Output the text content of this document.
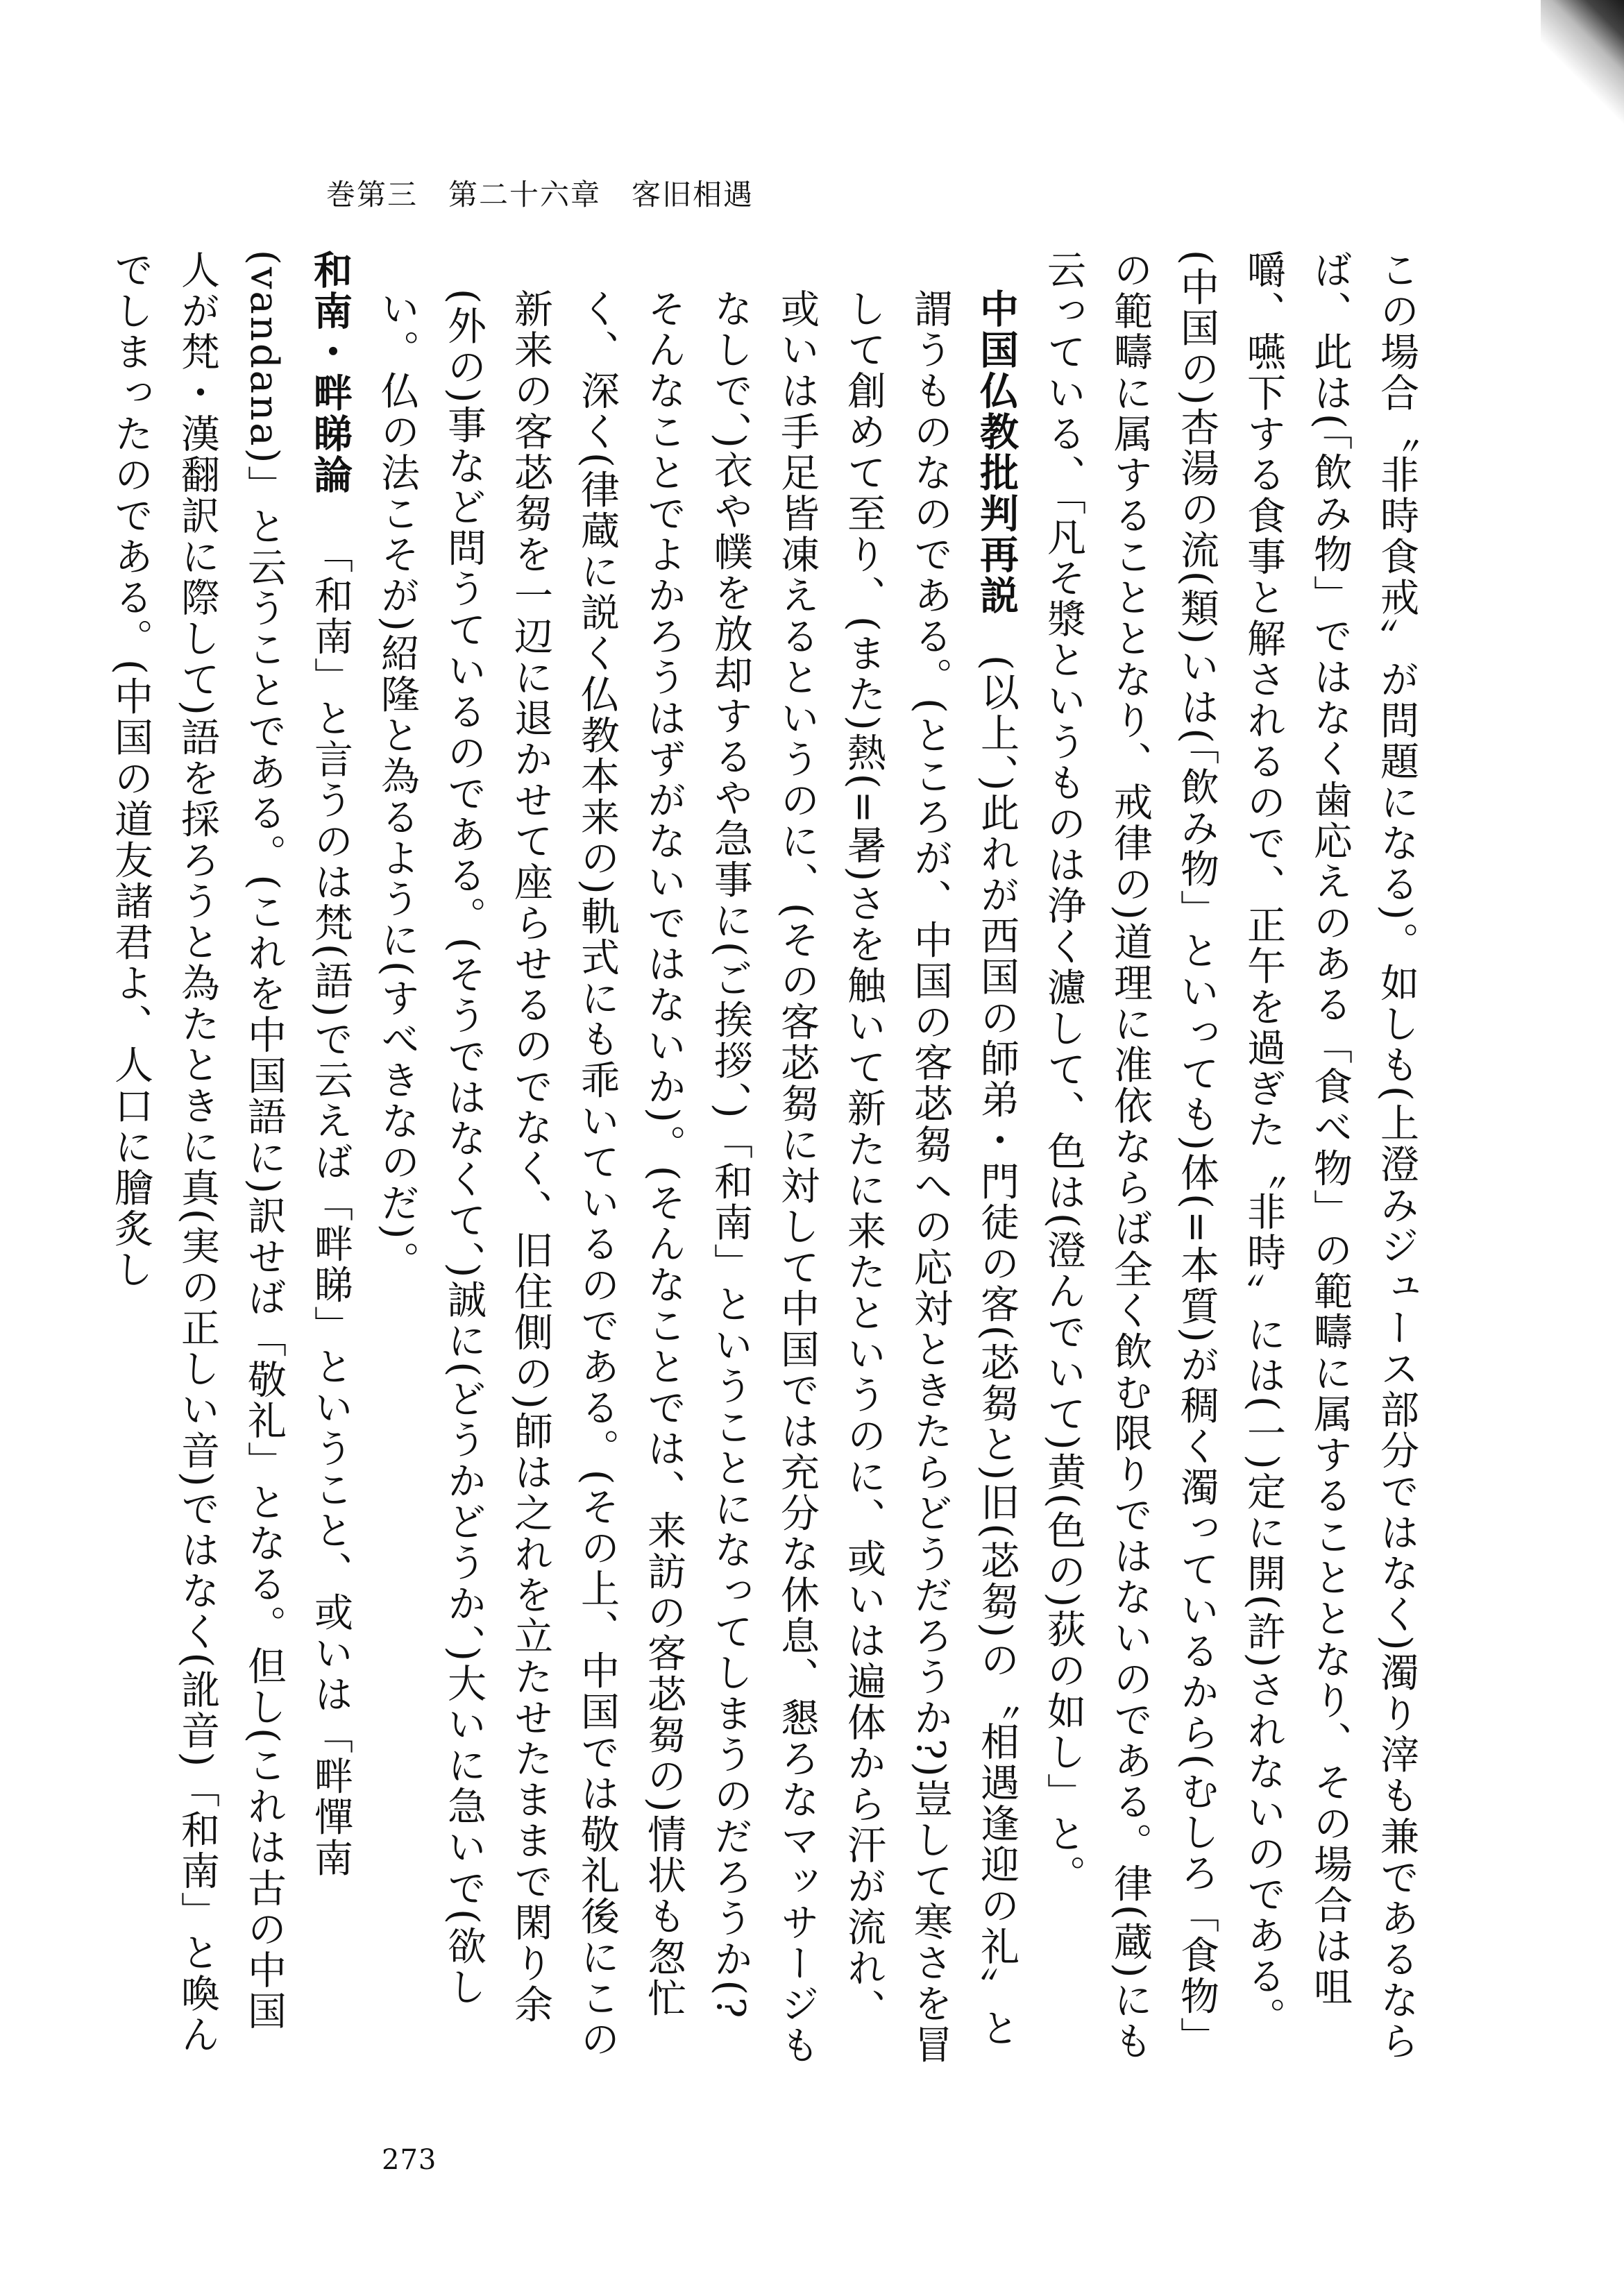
巻第三　第二十六章　客旧相遇

この場合〝非時食戒〟が問題になる)。如しも(上澄みジュース部分ではなく)濁り滓も兼であるならば、此は(「飲み物」ではなく歯応えのある「食べ物」の範疇に属することとなり、その場合は咀嚼、嚥下する食事と解されるので、正午を過ぎた〝非時〟には(一)定に開(許)されないのである。(中国の)杏湯の流(類)いは(「飲み物」といっても)体(=本質)が稠く濁っているから(むしろ「食物」の範疇に属することとなり、戒律の)道理に准依ならば全く飲む限りではないのである。律(蔵)にも云っている、「凡そ漿というものは浄く濾して、色は(澄んでいて)黄(色の)荻の如し」と。

中国仏教批判再説(以上、)此れが西国の師弟・門徒の客(苾芻と)旧(苾芻)の〝相遇逢迎の礼〟と謂うものなのである。(ところが、中国の客苾芻への応対ときたらどうだろうか?)豈して寒さを冒して創めて至り、(また)熱(=暑)さを触いて新たに来たというのに、或いは遍体から汗が流れ、或いは手足皆凍えるというのに、(その客苾芻に対して中国では充分な休息、懇ろなマッサージもなしで、)衣や幞を放却するや急事に(ご挨拶、)「和南」ということになってしまうのだろうか(?　そんなことでよかろうはずがないではないか)。(そんなことでは、来訪の客苾芻の)情状も怱忙く、深く(律蔵に説く仏教本来の)軌式にも乖いているのである。(その上、中国では敬礼後にこの新来の客苾芻を一辺に退かせて座らせるのでなく、旧住側の)師は之れを立たせたままで閑り余(外の)事など問うているのである。(そうではなくて、)誠に(どうかどうか、)大いに急いで(欲しい。仏の法こそが)紹隆と為るように(すべきなのだ)。

和南・畔睇論「和南」と言うのは梵(語)で云えば「畔睇」ということ、或いは「畔憚南(vandana)」と云うことである。(これを中国語に)訳せば「敬礼」となる。但し(これは古の中国人が梵・漢翻訳に際して)語を採ろうと為たときに真(実の正しい音)ではなく(訛音)「和南」と喚んでしまったのである。(中国の道友諸君よ、人口に膾炙し

273
